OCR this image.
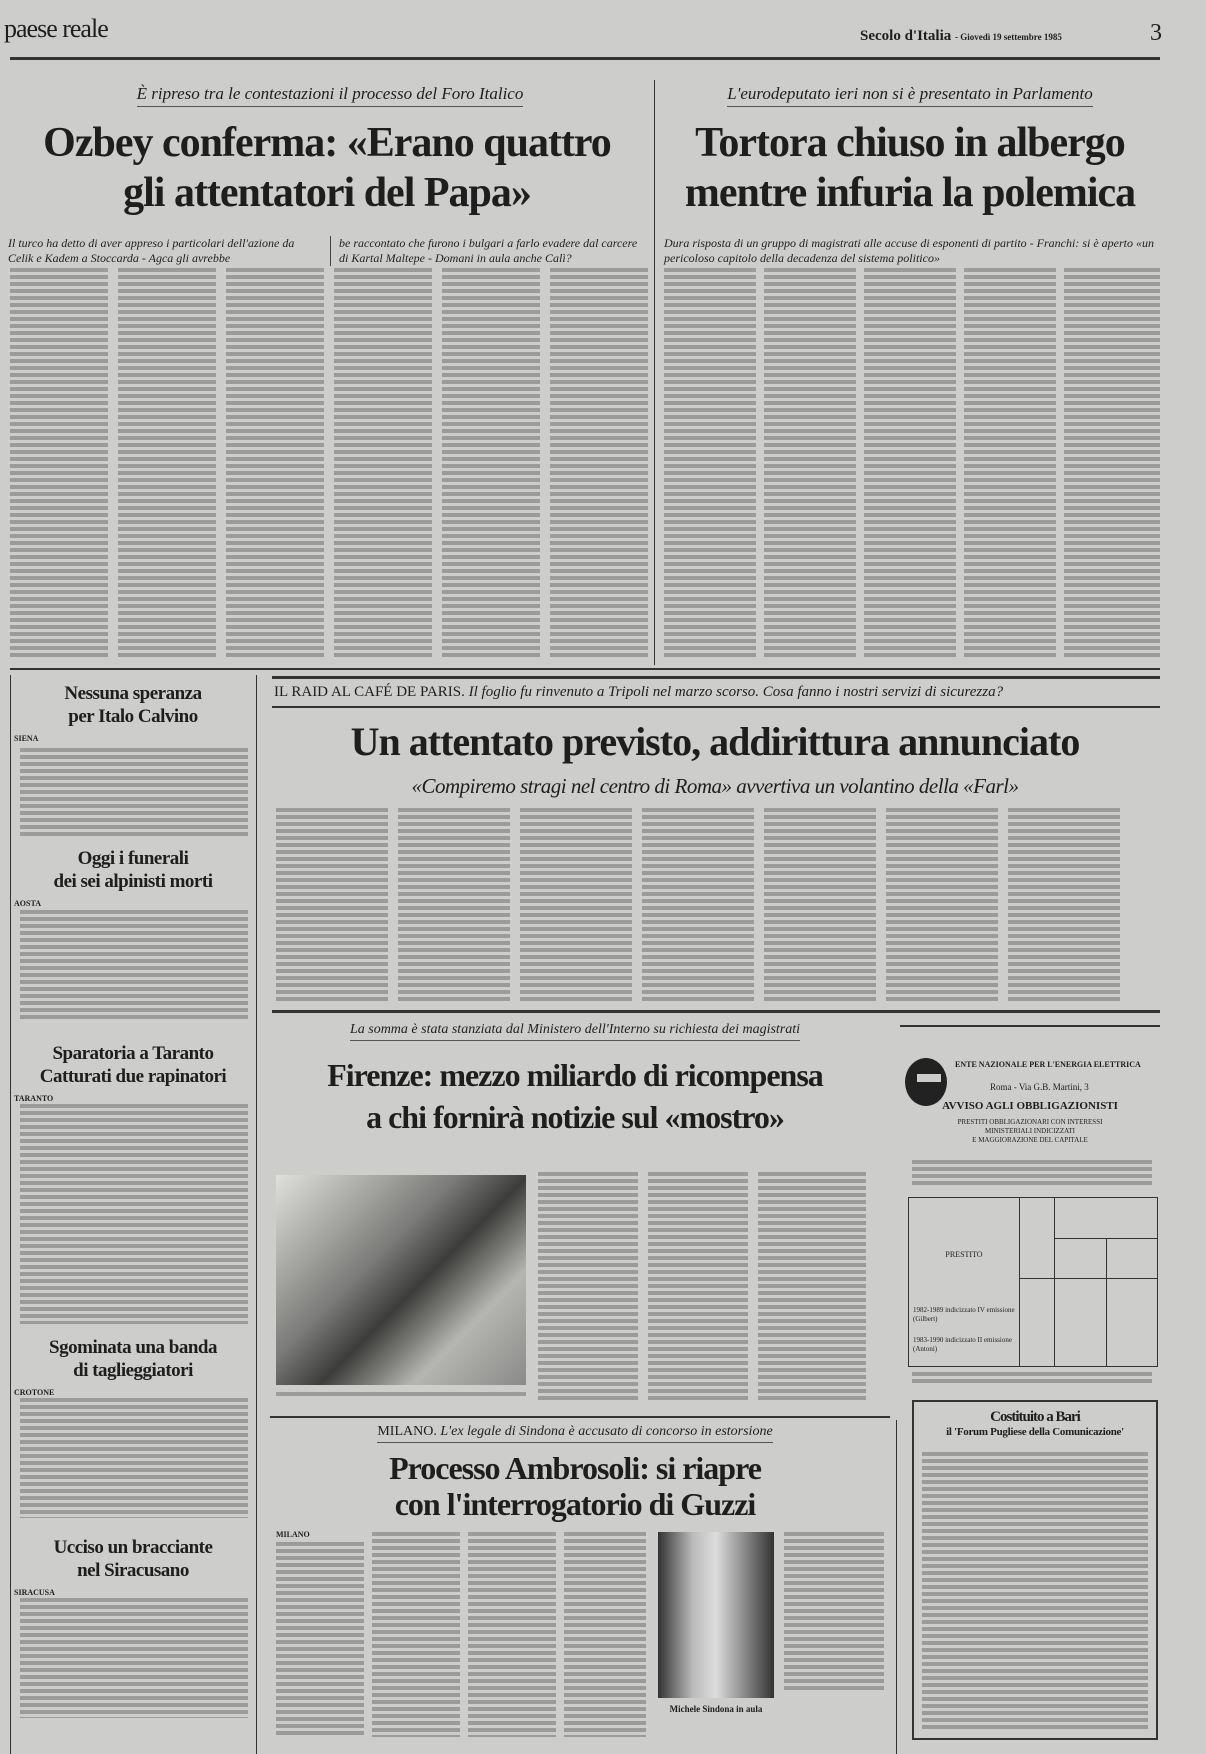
paese reale	Secolo d'Italia - Giovedì 19 settembre 1985	3
È ripreso tra le contestazioni il processo del Foro Italico
Ozbey conferma: «Erano quattro
gli attentatori del Papa»
Il turco ha detto di aver appreso i particolari dell'azione da Celik e Kadem a Stoccarda - Agca gli avrebbe
be raccontato che furono i bulgari a farlo evadere dal carcere di Kartal Maltepe - Domani in aula anche Calì?
L'eurodeputato ieri non si è presentato in Parlamento
Tortora chiuso in albergo
mentre infuria la polemica
Dura risposta di un gruppo di magistrati alle accuse di esponenti di partito - Franchi: si è aperto «un pericoloso capitolo della decadenza del sistema politico»
Nessuna speranza
per Italo Calvino
SIENA
Oggi i funerali
dei sei alpinisti morti
AOSTA
Sparatoria a Taranto
Catturati due rapinatori
TARANTO
Sgominata una banda
di taglieggiatori
CROTONE
Ucciso un bracciante
nel Siracusano
SIRACUSA
IL RAID AL CAFÉ DE PARIS. Il foglio fu rinvenuto a Tripoli nel marzo scorso. Cosa fanno i nostri servizi di sicurezza?
Un attentato previsto, addirittura annunciato
«Compiremo stragi nel centro di Roma» avvertiva un volantino della «Farl»
La somma è stata stanziata dal Ministero dell'Interno su richiesta dei magistrati
Firenze: mezzo miliardo di ricompensa
a chi fornirà notizie sul «mostro»
ENTE NAZIONALE PER L'ENERGIA ELETTRICA
Roma - Via G.B. Martini, 3
AVVISO AGLI OBBLIGAZIONISTI
PRESTITI OBBLIGAZIONARI CON INTERESSI
MINISTERIALI INDICIZZATI
E MAGGIORAZIONE DEL CAPITALE
PRESTITO
1982-1989 indicizzato IV emissione (Gilbert)
1983-1990 indicizzato II emissione (Antoni)
Costituito a Bari
il 'Forum Pugliese della Comunicazione'
MILANO. L'ex legale di Sindona è accusato di concorso in estorsione
Processo Ambrosoli: si riapre
con l'interrogatorio di Guzzi
MILANO
Michele Sindona in aula
